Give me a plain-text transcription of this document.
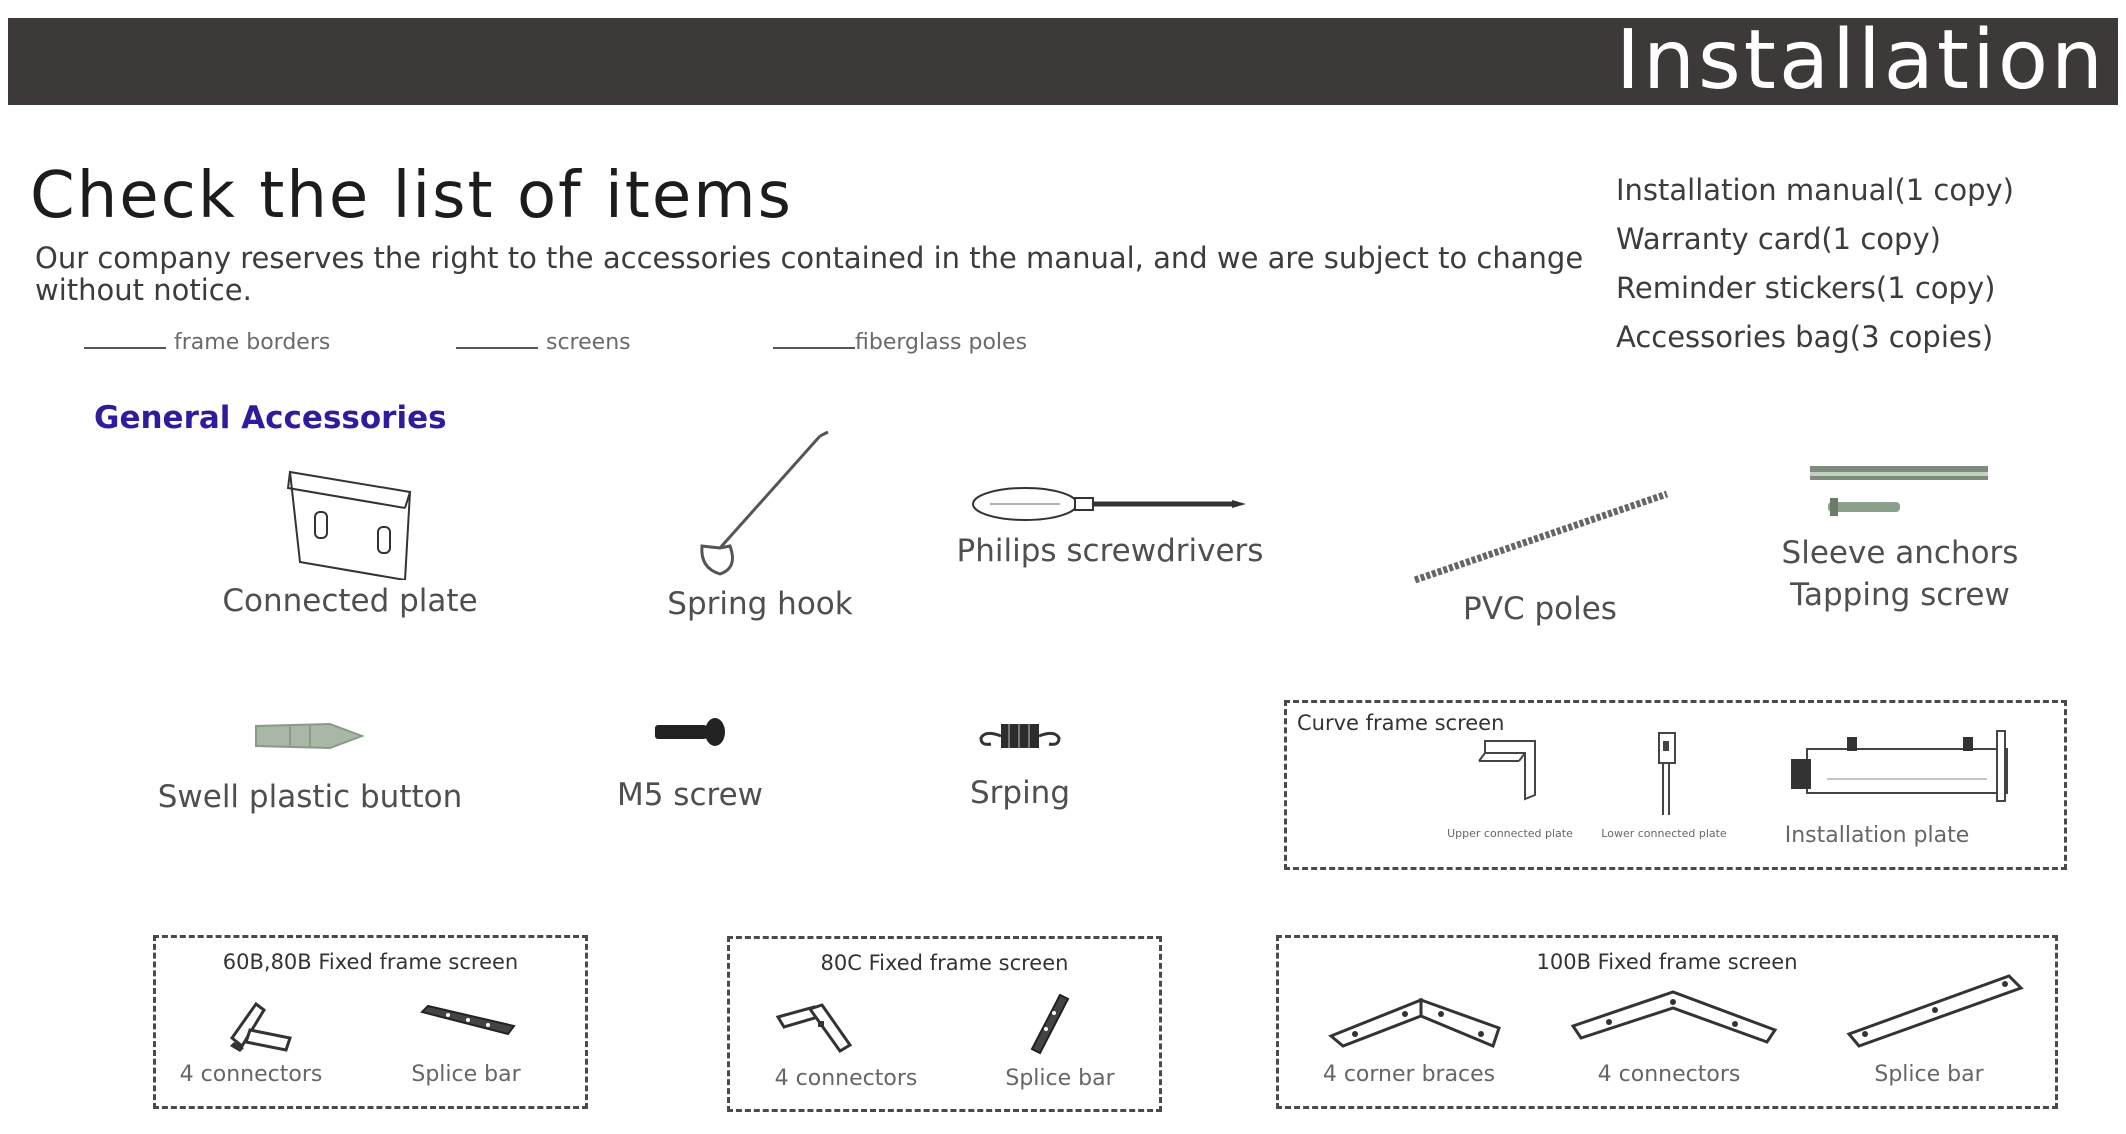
Installation
Check the list of items
Our company reserves the right to the accessories contained in the manual, and we are subject to change without notice.
frame borders	screens	fiberglass poles
Installation manual(1 copy)
Warranty card(1 copy)
Reminder stickers(1 copy)
Accessories bag(3 copies)
General Accessories
Connected plate	Spring hook
Philips screwdrivers
PVC poles
Sleeve anchors
Tapping screw
Swell plastic button	M5 screw	Srping
Curve frame screen
Upper connected plate	Lower connected plate	Installation plate
60B,80B Fixed frame screen
4 connectors	Splice bar
80C Fixed frame screen
4 connectors	Splice bar
100B Fixed frame screen
4 corner braces	4 connectors	Splice bar
